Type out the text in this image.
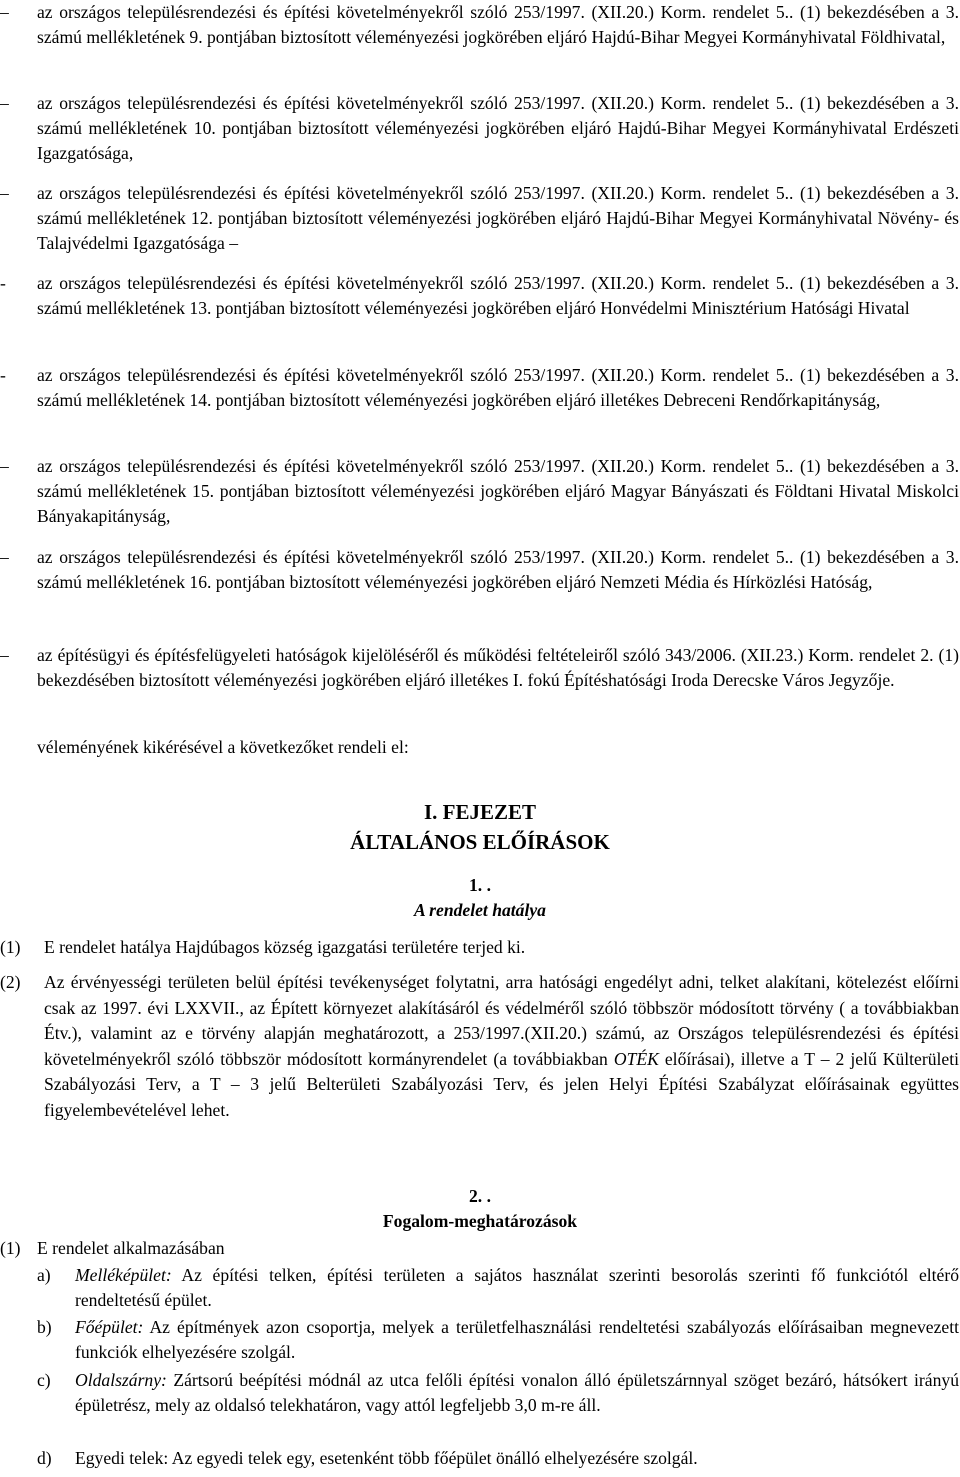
– az országos településrendezési és építési követelményekről szóló 253/1997. (XII.20.) Korm. rendelet 5.. (1) bekezdésében a 3. számú mellékletének 9. pontjában biztosított véleményezési jogkörében eljáró Hajdú-Bihar Megyei Kormányhivatal Földhivatal,
– az országos településrendezési és építési követelményekről szóló 253/1997. (XII.20.) Korm. rendelet 5.. (1) bekezdésében a 3. számú mellékletének 10. pontjában biztosított véleményezési jogkörében eljáró Hajdú-Bihar Megyei Kormányhivatal Erdészeti Igazgatósága,
– az országos településrendezési és építési követelményekről szóló 253/1997. (XII.20.) Korm. rendelet 5.. (1) bekezdésében a 3. számú mellékletének 12. pontjában biztosított véleményezési jogkörében eljáró Hajdú-Bihar Megyei Kormányhivatal Növény- és Talajvédelmi Igazgatósága –
- az országos településrendezési és építési követelményekről szóló 253/1997. (XII.20.) Korm. rendelet 5.. (1) bekezdésében a 3. számú mellékletének 13. pontjában biztosított véleményezési jogkörében eljáró Honvédelmi Minisztérium Hatósági Hivatal
- az országos településrendezési és építési követelményekről szóló 253/1997. (XII.20.) Korm. rendelet 5.. (1) bekezdésében a 3. számú mellékletének 14. pontjában biztosított véleményezési jogkörében eljáró illetékes Debreceni Rendőrkapitányság,
– az országos településrendezési és építési követelményekről szóló 253/1997. (XII.20.) Korm. rendelet 5.. (1) bekezdésében a 3. számú mellékletének 15. pontjában biztosított véleményezési jogkörében eljáró Magyar Bányászati és Földtani Hivatal Miskolci Bányakapitányság,
– az országos településrendezési és építési követelményekről szóló 253/1997. (XII.20.) Korm. rendelet 5.. (1) bekezdésében a 3. számú mellékletének 16. pontjában biztosított véleményezési jogkörében eljáró Nemzeti Média és Hírközlési Hatóság,
– az építésügyi és építésfelügyeleti hatóságok kijelöléséről és működési feltételeiről szóló 343/2006. (XII.23.) Korm. rendelet 2. (1) bekezdésében biztosított véleményezési jogkörében eljáró illetékes I. fokú Építéshatósági Iroda Derecske Város Jegyzője.
véleményének kikérésével a következőket rendeli el:
I. FEJEZET
ÁLTALÁNOS ELŐÍRÁSOK
1. .
A rendelet hatálya
(1) E rendelet hatálya Hajdúbagos község igazgatási területére terjed ki.
(2) Az érvényességi területen belül építési tevékenységet folytatni, arra hatósági engedélyt adni, telket alakítani, kötelezést előírni csak az 1997. évi LXXVII., az Épített környezet alakításáról és védelméről szóló többször módosított törvény ( a továbbiakban Étv.), valamint az e törvény alapján meghatározott, a 253/1997.(XII.20.) számú, az Országos településrendezési és építési követelményekről szóló többször módosított kormányrendelet (a továbbiakban OTÉK előírásai), illetve a T – 2 jelű Külterületi Szabályozási Terv, a T – 3 jelű Belterületi Szabályozási Terv, és jelen Helyi Építési Szabályzat előírásainak együttes figyelembevételével lehet.
2. .
Fogalom-meghatározások
(1) E rendelet alkalmazásában
a) Melléképület: Az építési telken, építési területen a sajátos használat szerinti besorolás szerinti fő funkciótól eltérő rendeltetésű épület.
b) Főépület: Az építmények azon csoportja, melyek a területfelhasználási rendeltetési szabályozás előírásaiban megnevezett funkciók elhelyezésére szolgál.
c) Oldalszárny: Zártsorú beépítési módnál az utca felőli építési vonalon álló épületszárnnyal szöget bezáró, hátsókert irányú épületrész, mely az oldalsó telekhatáron, vagy attól legfeljebb 3,0 m-re áll.
d) Egyedi telek: Az egyedi telek egy, esetenként több főépület önálló elhelyezésére szolgál.
